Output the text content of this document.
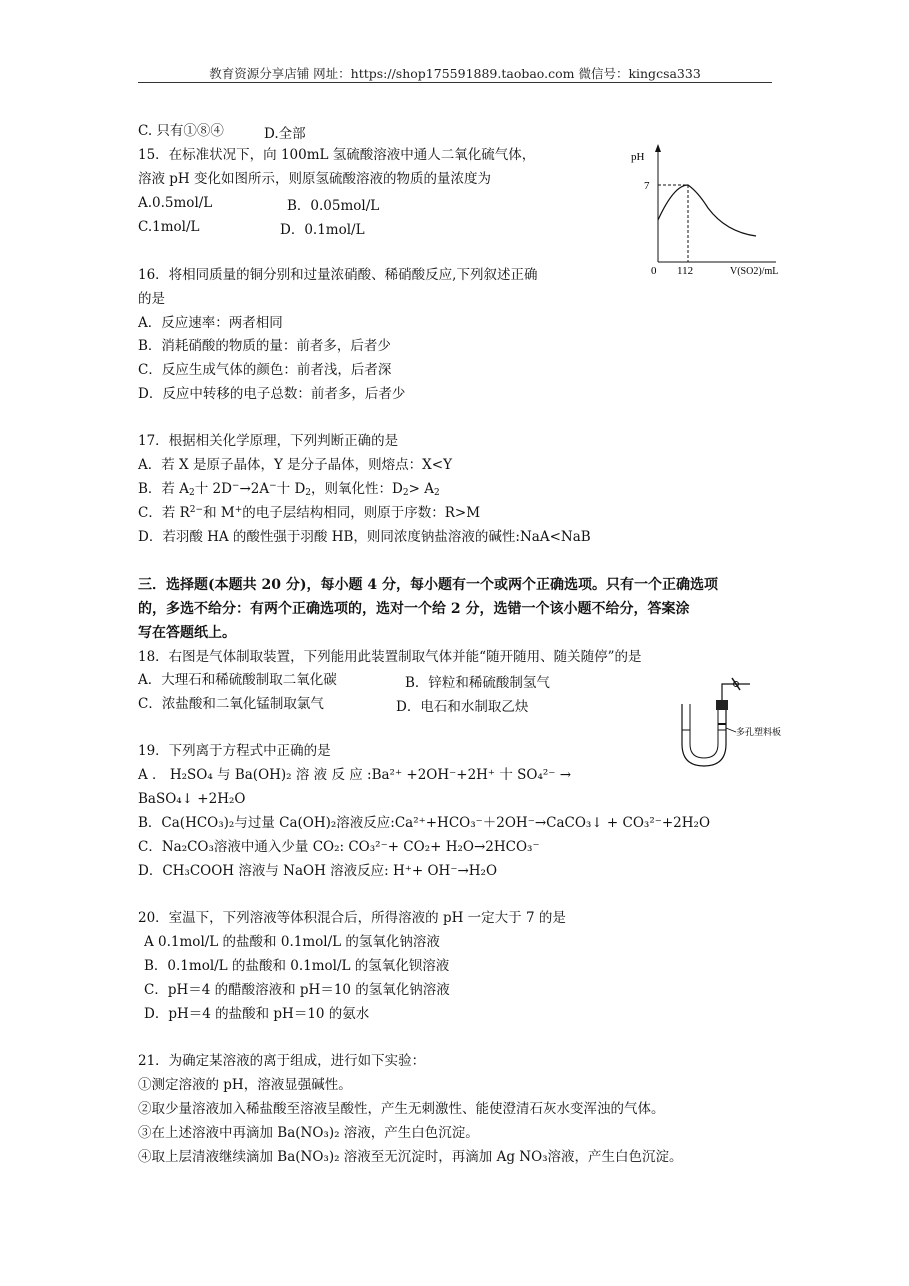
教育资源分享店铺 网址：https://shop175591889.taobao.com 微信号：kingcsa333
C. 只有①⑧④	D.全部
15．在标准状况下，向 100mL 氢硫酸溶液中通人二氧化硫气体，
溶液 pH 变化如图所示，则原氢硫酸溶液的物质的量浓度为
A.0.5mol/L	B．0.05mol/L
C.1mol/L	D．0.1mol/L
pH
7
0 112	V(SO2)/mL
16．将相同质量的铜分别和过量浓硝酸、稀硝酸反应,下列叙述正确
的是
A．反应速率：两者相同
B．消耗硝酸的物质的量：前者多，后者少
C．反应生成气体的颜色：前者浅，后者深
D．反应中转移的电子总数：前者多，后者少
17．根据相关化学原理，下列判断正确的是
A．若 X 是原子晶体，Y 是分子晶体，则熔点：X<Y
B．若 $A_2$十 2D−→2A−十 $D_2$，则氧化性：$D_2> A_2$
C．若 $R^{2-}$和 M+的电子层结构相同，则原于序数：R>M
D．若羽酸 HA 的酸性强于羽酸 HB，则同浓度钠盐溶液的碱性:NaA<NaB
三．选择题(本题共 20 分)，每小题 4 分，每小题有一个或两个正确选项。只有一个正确选项
的，多选不给分：有两个正确选项的，选对一个给 2 分，选错一个该小题不给分，答案涂
写在答题纸上。
18．右图是气体制取装置，下列能用此装置制取气体并能“随开随用、随关随停”的是
A．大理石和稀硫酸制取二氧化碳	B．锌粒和稀硫酸制氢气
C．浓盐酸和二氧化锰制取氯气	D．电石和水制取乙炔
多孔塑料板
19．下列离于方程式中正确的是
A ． H₂SO₄ 与 Ba(OH)₂ 溶 液 反 应 :Ba²⁺ +2OH⁻+2H⁺ 十 SO₄²⁻ →
BaSO₄↓ +2H₂O
B．Ca(HCO₃)₂与过量 Ca(OH)₂溶液反应:Ca²⁺+HCO₃⁻＋2OH⁻→CaCO₃↓ + CO₃²⁻+2H₂O
C．Na₂CO₃溶液中通入少量 CO₂: CO₃²⁻+ CO₂+ H₂O→2HCO₃⁻
D．CH₃COOH 溶液与 NaOH 溶液反应: H⁺+ OH⁻→H₂O
20．室温下，下列溶液等体积混合后，所得溶液的 pH 一定大于 7 的是
A 0.1mol/L 的盐酸和 0.1mol/L 的氢氧化钠溶液
B．0.1mol/L 的盐酸和 0.1mol/L 的氢氧化钡溶液
C．pH＝4 的醋酸溶液和 pH＝10 的氢氧化钠溶液
D．pH＝4 的盐酸和 pH＝10 的氨水
21．为确定某溶液的离于组成，进行如下实验：
①测定溶液的 pH，溶液显强碱性。
②取少量溶液加入稀盐酸至溶液呈酸性，产生无刺激性、能使澄清石灰水变浑浊的气体。
③在上述溶液中再滴加 Ba(NO₃)₂ 溶液，产生白色沉淀。
④取上层清液继续滴加 Ba(NO₃)₂ 溶液至无沉淀时，再滴加 Ag NO₃溶液，产生白色沉淀。
